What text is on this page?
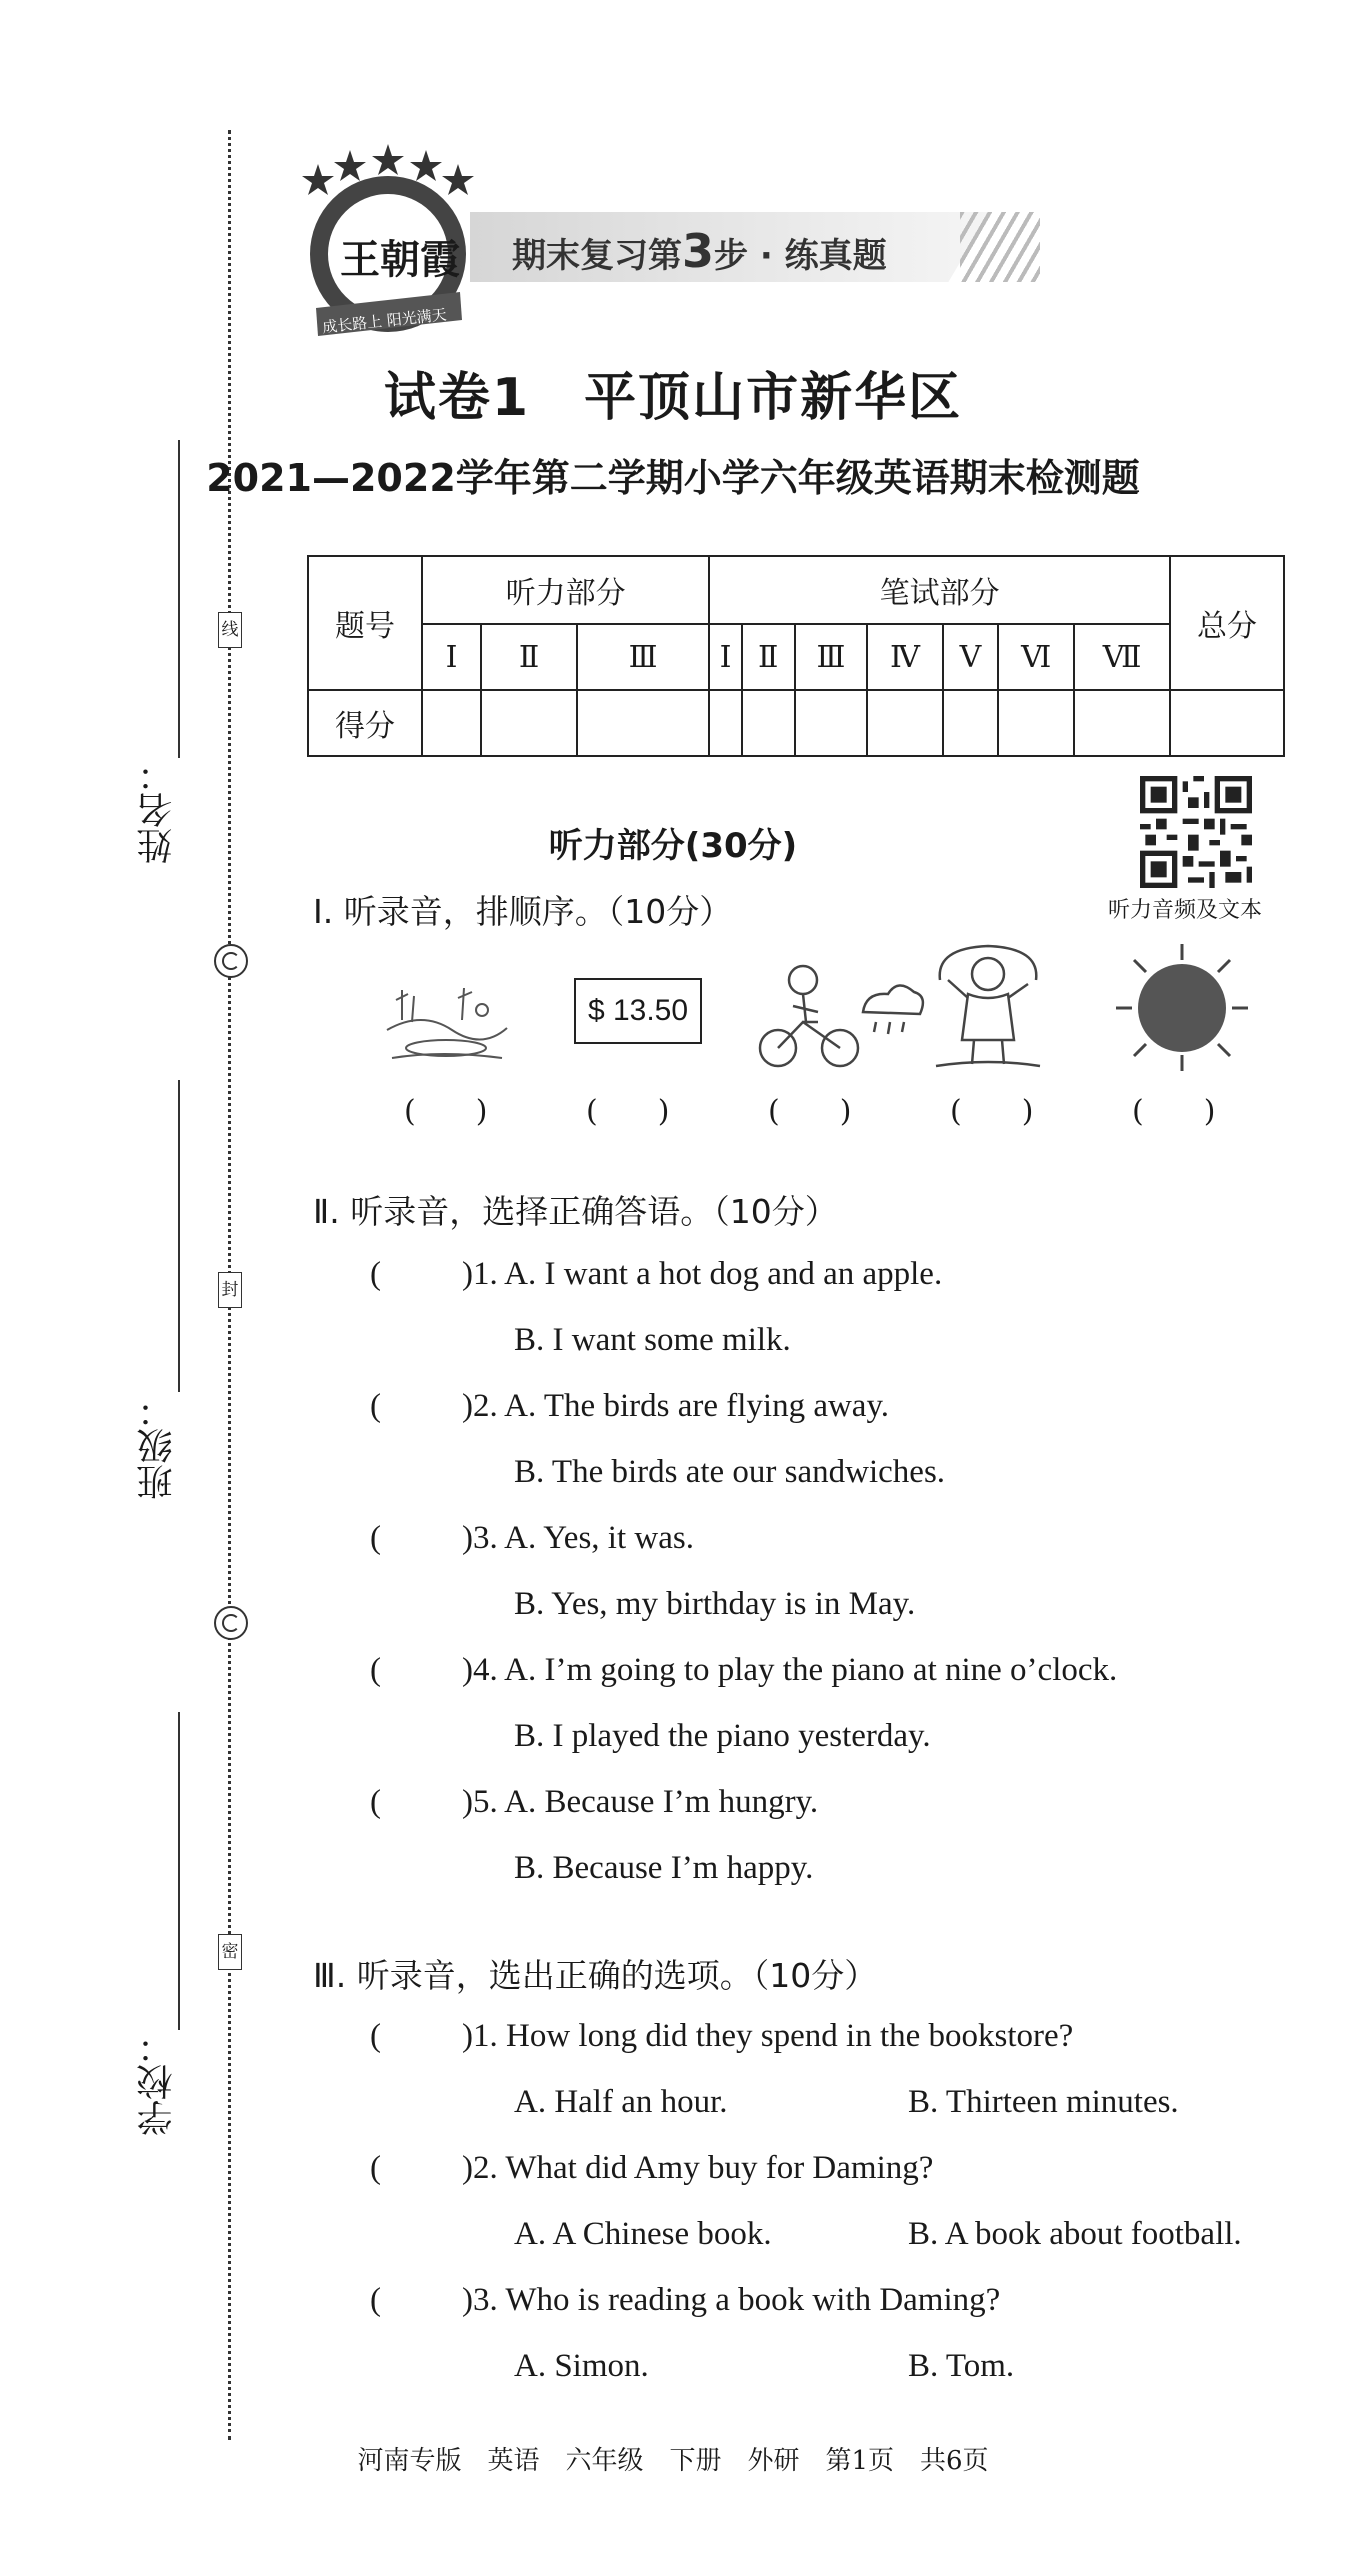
线
封
密
姓名：
班级：
学校：
王朝霞
成长路上 阳光满天
期末复习第3步 · 练真题
试卷1　平顶山市新华区
2021—2022学年第二学期小学六年级英语期末检测题
题号	听力部分			笔试部分							总分
	Ⅰ	Ⅱ	Ⅲ	Ⅰ	Ⅱ	Ⅲ	Ⅳ	Ⅴ	Ⅵ	Ⅶ	
得分											
听力音频及文本
听力部分(30分)
Ⅰ. 听录音，排顺序。（10分）
$ 13.50
(　　)	(　　)	(　　)	(　　)	(　　)
Ⅱ. 听录音，选择正确答语。（10分）
( )1. A. I want a hot dog and an apple.
B. I want some milk.
( )2. A. The birds are flying away.
B. The birds ate our sandwiches.
( )3. A. Yes, it was.
B. Yes, my birthday is in May.
( )4. A. I’m going to play the piano at nine o’clock.
B. I played the piano yesterday.
( )5. A. Because I’m hungry.
B. Because I’m happy.
Ⅲ. 听录音，选出正确的选项。（10分）
( )1. How long did they spend in the bookstore?
A. Half an hour.	B. Thirteen minutes.
( )2. What did Amy buy for Daming?
A. A Chinese book.	B. A book about football.
( )3. Who is reading a book with Daming?
A. Simon.	B. Tom.
河南专版　英语　六年级　下册　外研　第1页　共6页
